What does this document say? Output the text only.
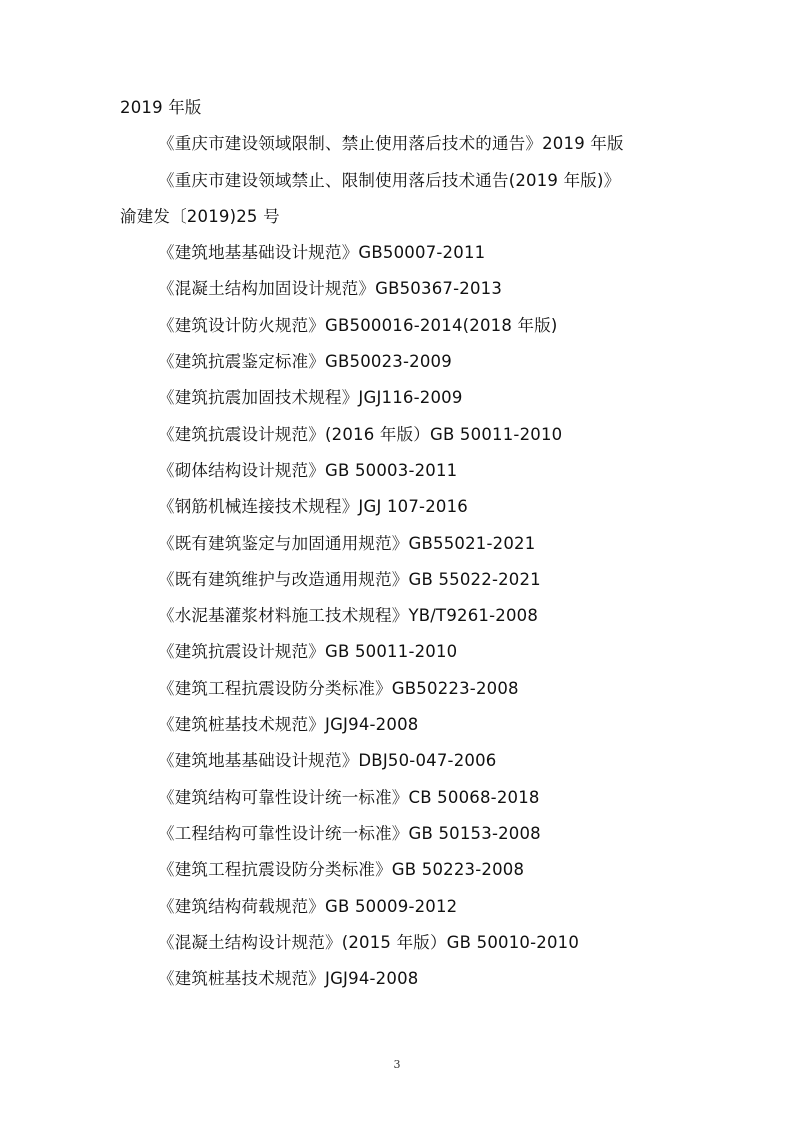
2019 年版
《重庆市建设领域限制、禁止使用落后技术的通告》2019 年版
《重庆市建设领域禁止、限制使用落后技术通告(2019 年版)》
渝建发〔2019)25 号
《建筑地基基础设计规范》GB50007-2011
《混凝土结构加固设计规范》GB50367-2013
《建筑设计防火规范》GB500016-2014(2018 年版)
《建筑抗震鉴定标准》GB50023-2009
《建筑抗震加固技术规程》JGJ116-2009
《建筑抗震设计规范》(2016 年版）GB 50011-2010
《砌体结构设计规范》GB 50003-2011
《钢筋机械连接技术规程》JGJ 107-2016
《既有建筑鉴定与加固通用规范》GB55021-2021
《既有建筑维护与改造通用规范》GB 55022-2021
《水泥基灌浆材料施工技术规程》YB/T9261-2008
《建筑抗震设计规范》GB 50011-2010
《建筑工程抗震设防分类标准》GB50223-2008
《建筑桩基技术规范》JGJ94-2008
《建筑地基基础设计规范》DBJ50-047-2006
《建筑结构可靠性设计统一标准》CB 50068-2018
《工程结构可靠性设计统一标准》GB 50153-2008
《建筑工程抗震设防分类标准》GB 50223-2008
《建筑结构荷载规范》GB 50009-2012
《混凝土结构设计规范》(2015 年版）GB 50010-2010
《建筑桩基技术规范》JGJ94-2008
3
